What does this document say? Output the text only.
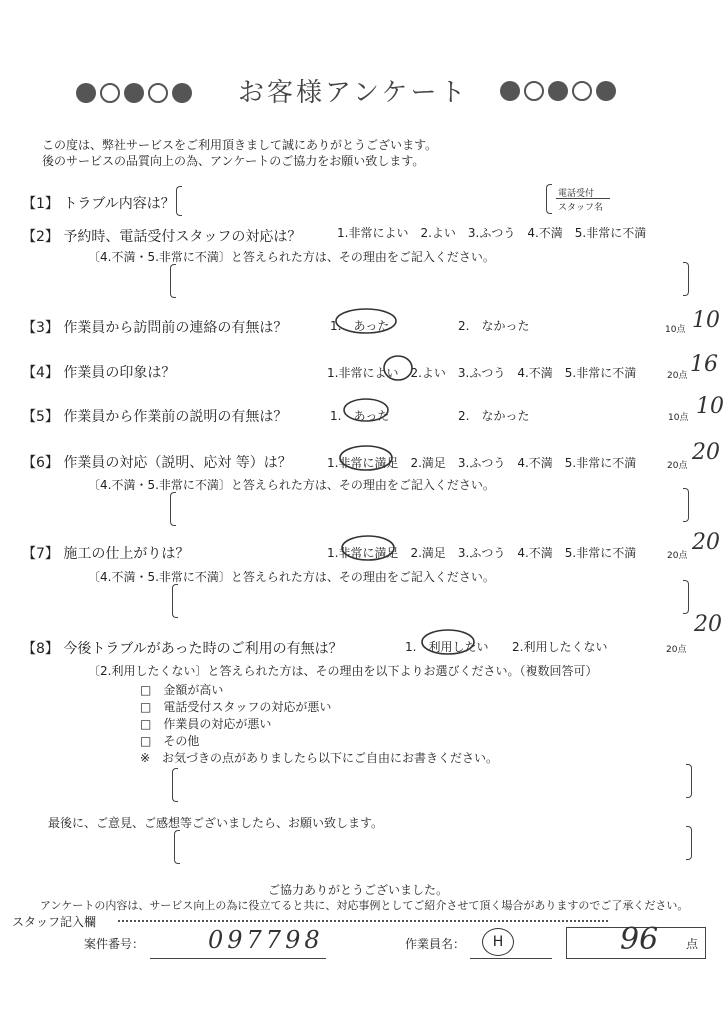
お客様アンケート
この度は、弊社サービスをご利用頂きまして誠にありがとうございます。
後のサービスの品質向上の為、アンケートのご協力をお願い致します。
【1】 トラブル内容は？
電話受付
スタッフ名
【2】 予約時、電話受付スタッフの対応は？	1.非常によい　2.よい　3.ふつう　4.不満　5.非常に不満
〔4.不満・5.非常に不満〕と答えられた方は、その理由をご記入ください。
【3】 作業員から訪問前の連絡の有無は？	1.　あった	2.　なかった	10点 10
【4】 作業員の印象は？	1.非常によい　2.よい　3.ふつう　4.不満　5.非常に不満	20点 16
【5】 作業員から作業前の説明の有無は？	1.　あった	2.　なかった	10点 10
【6】 作業員の対応（説明、応対 等）は？	1.非常に満足　2.満足　3.ふつう　4.不満　5.非常に不満	20点
20
〔4.不満・5.非常に不満〕と答えられた方は、その理由をご記入ください。
【7】 施工の仕上がりは？	1.非常に満足　2.満足　3.ふつう　4.不満　5.非常に不満	20点
20
〔4.不満・5.非常に不満〕と答えられた方は、その理由をご記入ください。
【8】 今後トラブルがあった時のご利用の有無は？	1.　利用したい 2.利用したくない	20点
20
〔2.利用したくない〕と答えられた方は、その理由を以下よりお選びください。（複数回答可）
□　金額が高い
□　電話受付スタッフの対応が悪い
□　作業員の対応が悪い
□　その他
※　お気づきの点がありましたら以下にご自由にお書きください。
最後に、ご意見、ご感想等ございましたら、お願い致します。
ご協力ありがとうございました。
アンケートの内容は、サービス向上の為に役立てると共に、対応事例としてご紹介させて頂く場合がありますのでご了承ください。
スタッフ記入欄
案件番号：	097798	作業員名：	H	96 点
